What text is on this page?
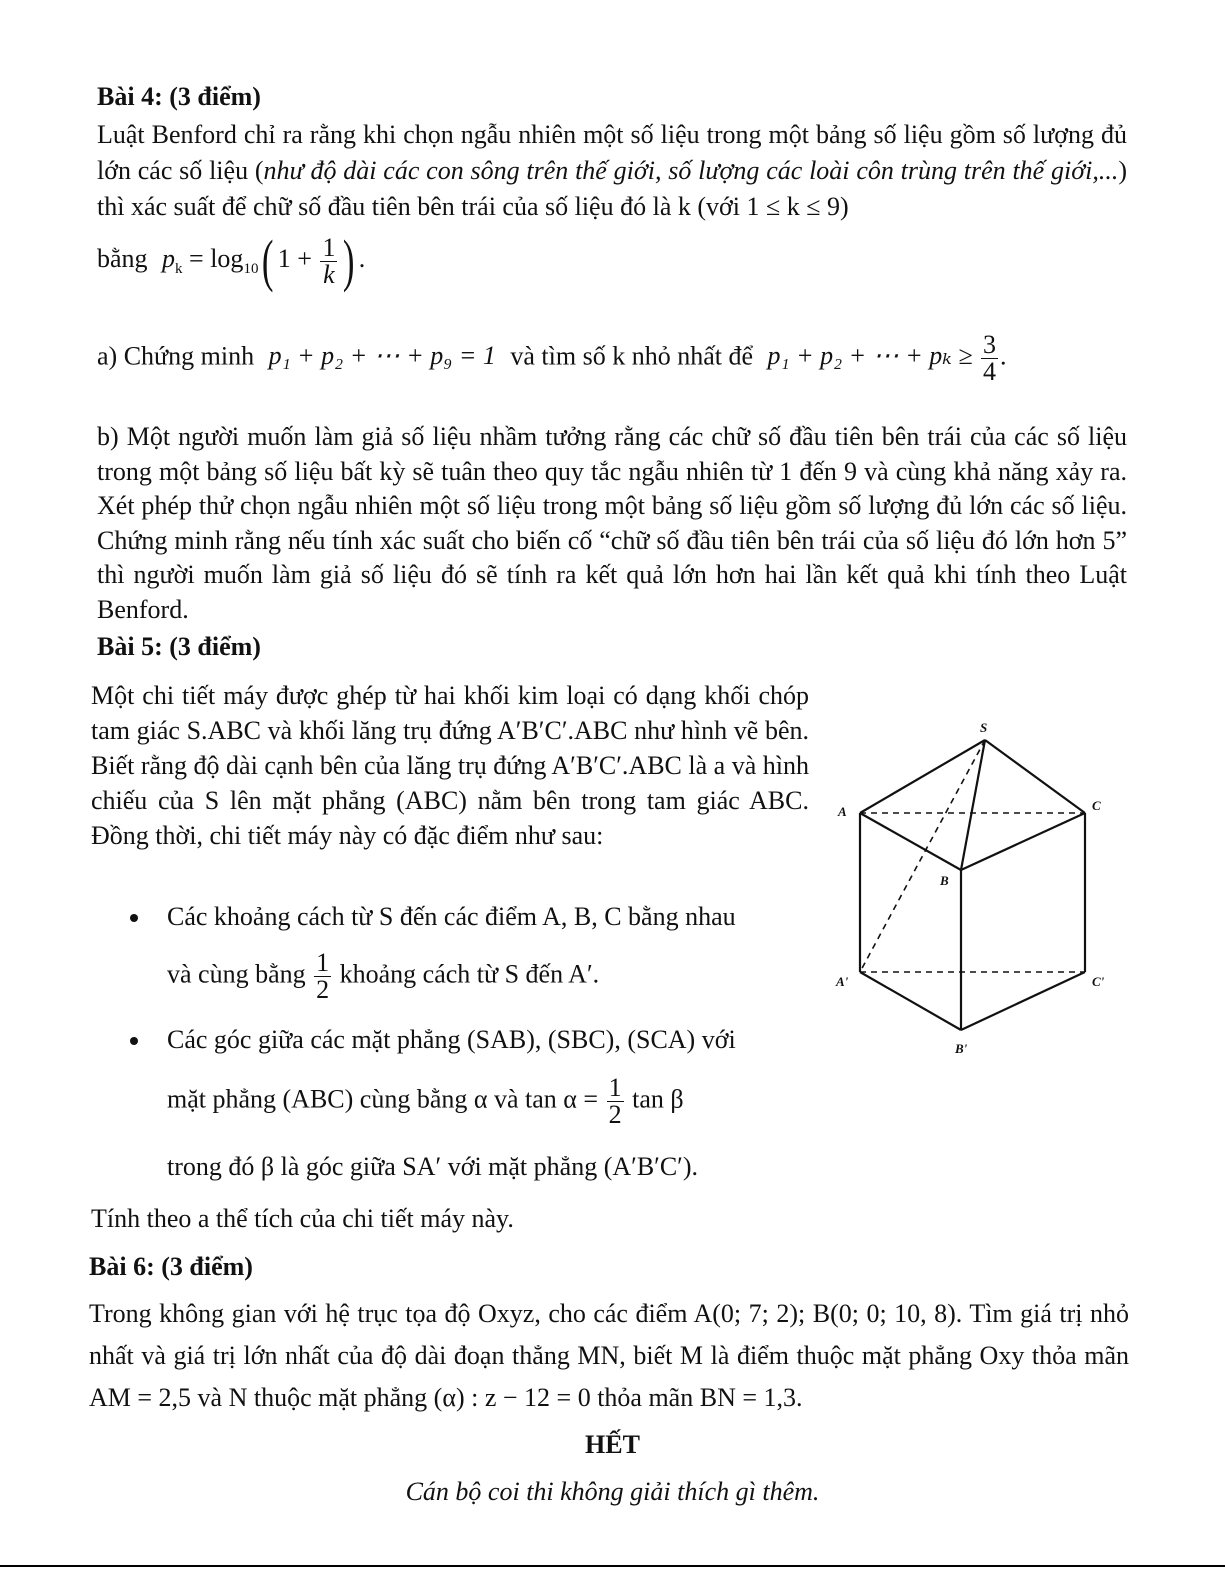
Bài 4: (3 điểm)
Luật Benford chỉ ra rằng khi chọn ngẫu nhiên một số liệu trong một bảng số liệu gồm số lượng đủ lớn các số liệu (như độ dài các con sông trên thế giới, số lượng các loài côn trùng trên thế giới,...) thì xác suất để chữ số đầu tiên bên trái của số liệu đó là k (với 1 ≤ k ≤ 9)
bằng $p_k = \log_{10}$( $1 + \frac{1}{k}$ ) .
a) Chứng minh p₁ + p₂ + ⋯ + p₉ = 1 và tìm số k nhỏ nhất để p₁ + p₂ + ⋯ + $p_k \ge \frac{3}{4}$ .
b) Một người muốn làm giả số liệu nhầm tưởng rằng các chữ số đầu tiên bên trái của các số liệu trong một bảng số liệu bất kỳ sẽ tuân theo quy tắc ngẫu nhiên từ 1 đến 9 và cùng khả năng xảy ra. Xét phép thử chọn ngẫu nhiên một số liệu trong một bảng số liệu gồm số lượng đủ lớn các số liệu. Chứng minh rằng nếu tính xác suất cho biến cố “chữ số đầu tiên bên trái của số liệu đó lớn hơn 5” thì người muốn làm giả số liệu đó sẽ tính ra kết quả lớn hơn hai lần kết quả khi tính theo Luật Benford.
Bài 5: (3 điểm)
Một chi tiết máy được ghép từ hai khối kim loại có dạng khối chóp tam giác S.ABC và khối lăng trụ đứng A′B′C′.ABC như hình vẽ bên. Biết rằng độ dài cạnh bên của lăng trụ đứng A′B′C′.ABC là a và hình chiếu của S lên mặt phẳng (ABC) nằm bên trong tam giác ABC. Đồng thời, chi tiết máy này có đặc điểm như sau:
Các khoảng cách từ S đến các điểm A, B, C bằng nhau
và cùng bằng $\frac{1}{2}$ khoảng cách từ S đến A′.
Các góc giữa các mặt phẳng (SAB), (SBC), (SCA) với
mặt phẳng (ABC) cùng bằng α và $\tan \alpha = \frac{1}{2}$ tan β
trong đó β là góc giữa SA′ với mặt phẳng (A′B′C′).
Tính theo a thể tích của chi tiết máy này.
S
A	C
B
A'	C'
B'
Bài 6: (3 điểm)
Trong không gian với hệ trục tọa độ Oxyz, cho các điểm A(0; 7; 2); B(0; 0; 10, 8). Tìm giá trị nhỏ nhất và giá trị lớn nhất của độ dài đoạn thẳng MN, biết M là điểm thuộc mặt phẳng Oxy thỏa mãn AM = 2,5 và N thuộc mặt phẳng (α) : z − 12 = 0 thỏa mãn BN = 1,3.
HẾT
Cán bộ coi thi không giải thích gì thêm.
